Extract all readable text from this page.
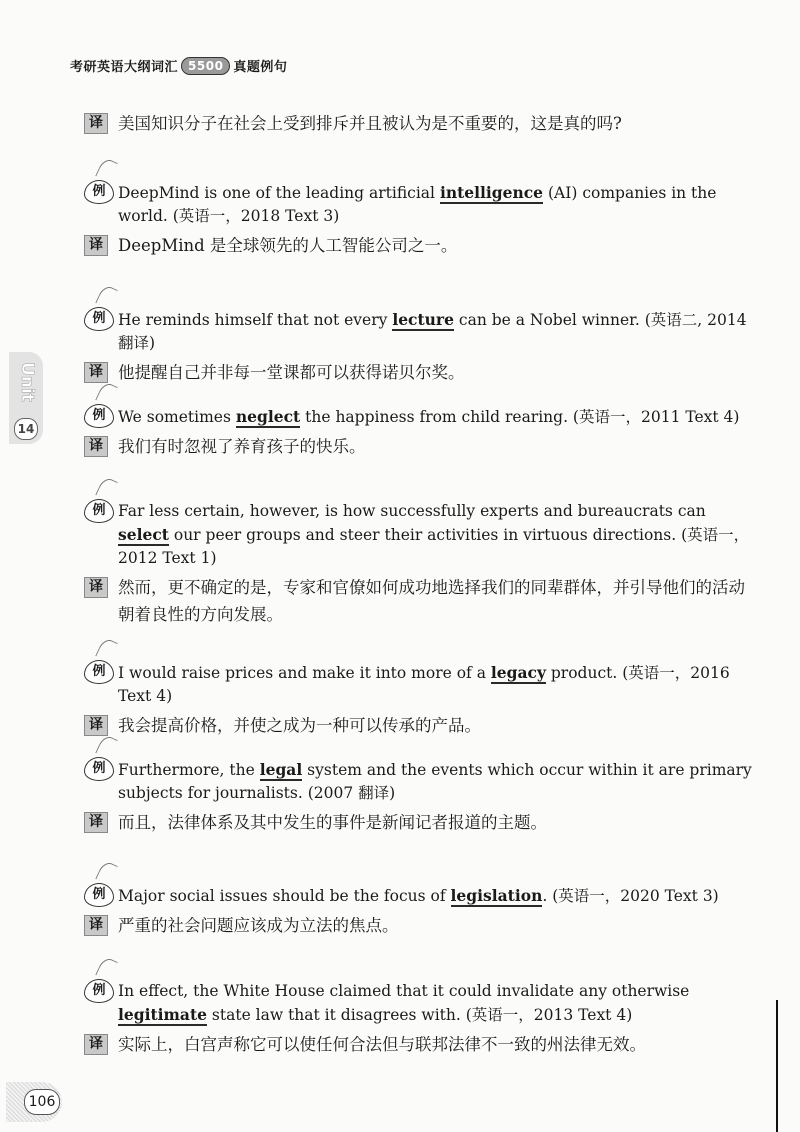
考研英语大纲词汇 5500 真题例句
Unit
14
译 美国知识分子在社会上受到排斥并且被认为是不重要的，这是真的吗?
例 DeepMind is one of the leading artificial intelligence (AI) companies in the world. (英语一，2018 Text 3)
译 DeepMind 是全球领先的人工智能公司之一。
例 He reminds himself that not every lecture can be a Nobel winner. (英语二, 2014 翻译)
译 他提醒自己并非每一堂课都可以获得诺贝尔奖。
例 We sometimes neglect the happiness from child rearing. (英语一，2011 Text 4)
译 我们有时忽视了养育孩子的快乐。
例 Far less certain, however, is how successfully experts and bureaucrats can select our peer groups and steer their activities in virtuous directions. (英语一，2012 Text 1)
译 然而，更不确定的是，专家和官僚如何成功地选择我们的同辈群体，并引导他们的活动朝着良性的方向发展。
例 I would raise prices and make it into more of a legacy product. (英语一，2016 Text 4)
译 我会提高价格，并使之成为一种可以传承的产品。
例 Furthermore, the legal system and the events which occur within it are primary subjects for journalists. (2007 翻译)
译 而且，法律体系及其中发生的事件是新闻记者报道的主题。
例 Major social issues should be the focus of legislation. (英语一，2020 Text 3)
译 严重的社会问题应该成为立法的焦点。
例 In effect, the White House claimed that it could invalidate any otherwise legitimate state law that it disagrees with. (英语一，2013 Text 4)
译 实际上，白宫声称它可以使任何合法但与联邦法律不一致的州法律无效。
106
